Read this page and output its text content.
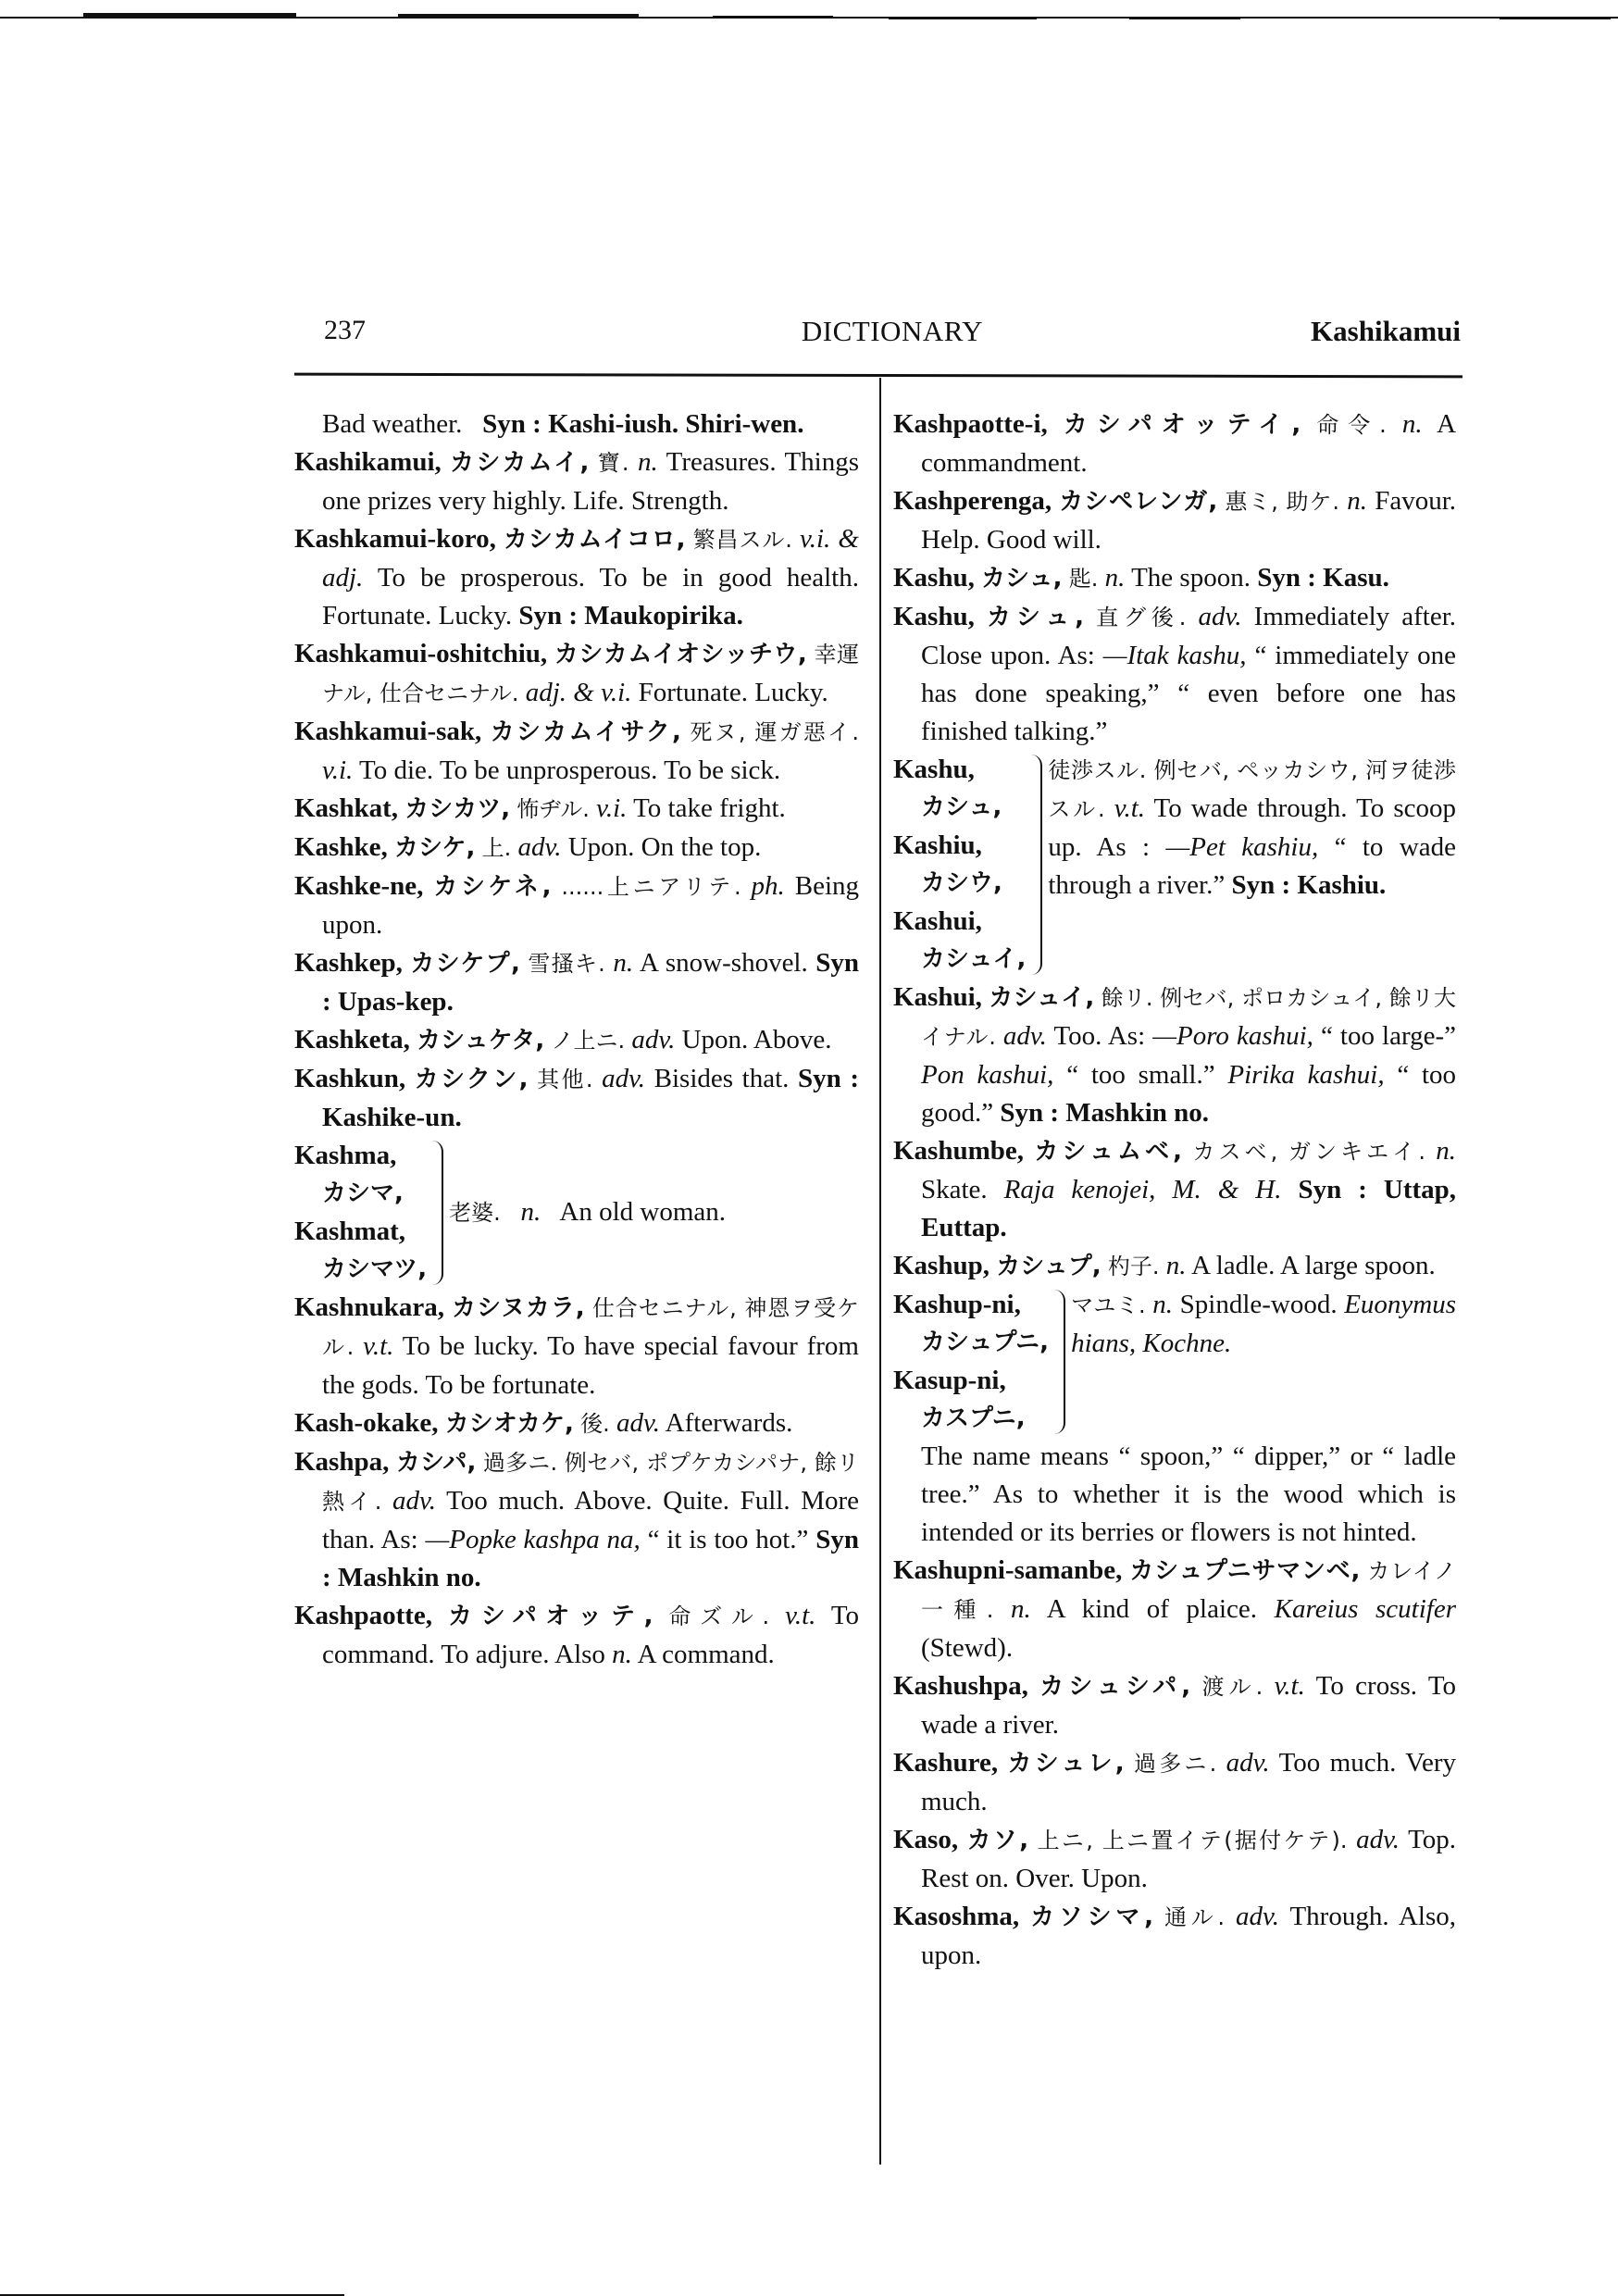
237	DICTIONARY	Kashikamui

Bad weather. Syn : Kashi-iush. Shiri-wen.

Kashikamui, カシカムイ, 寶. n. Treasures. Things one prizes very highly. Life. Strength.

Kashkamui-koro, カシカムイコロ, 繁昌スル. v.i. & adj. To be prosperous. To be in good health. Fortunate. Lucky. Syn : Maukopirika.

Kashkamui-oshitchiu, カシカムイオシッチウ, 幸運ナル, 仕合セニナル. adj. & v.i. Fortunate. Lucky.

Kashkamui-sak, カシカムイサク, 死ヌ, 運ガ惡イ. v.i. To die. To be unprosperous. To be sick.

Kashkat, カシカツ, 怖ヂル. v.i. To take fright.

Kashke, カシケ, 上. adv. Upon. On the top.

Kashke-ne, カシケネ, ......上ニアリテ. ph. Being upon.

Kashkep, カシケプ, 雪搔キ. n. A snow-shovel. Syn : Upas-kep.

Kashketa, カシュケタ, ノ上ニ. adv. Upon. Above.

Kashkun, カシクン, 其他. adv. Bisides that. Syn : Kashike-un.

Kashma,
カシマ,
Kashmat,
カシマツ,
老婆. n. An old woman.

Kashnukara, カシヌカラ, 仕合セニナル, 神恩ヲ受ケル. v.t. To be lucky. To have special favour from the gods. To be fortunate.

Kash-okake, カシオカケ, 後. adv. Afterwards.

Kashpa, カシパ, 過多ニ. 例セバ, ポプケカシパナ, 餘リ熱イ. adv. Too much. Above. Quite. Full. More than. As: —Popke kashpa na, “ it is too hot.” Syn : Mashkin no.

Kashpaotte, カシパオッテ, 命ズル. v.t. To command. To adjure. Also n. A command.

Kashpaotte-i, カシパオッテイ, 命令. n. A commandment.

Kashperenga, カシペレンガ, 惠ミ, 助ケ. n. Favour. Help. Good will.

Kashu, カシュ, 匙. n. The spoon. Syn : Kasu.

Kashu, カシュ, 直グ後. adv. Immediately after. Close upon. As: —Itak kashu, “ immediately one has done speaking,” “ even before one has finished talking.”

Kashu,
カシュ,
Kashiu,
カシウ,
Kashui,
カシュイ,
徒渉スル. 例セバ, ペッカシウ, 河ヲ徒渉スル. v.t. To wade through. To scoop up. As : —Pet kashiu, “ to wade through a river.” Syn : Kashiu.

Kashui, カシュイ, 餘リ. 例セバ, ポロカシュイ, 餘リ大イナル. adv. Too. As: —Poro kashui, “ too large-” Pon kashui, “ too small.” Pirika kashui, “ too good.” Syn : Mashkin no.

Kashumbe, カシュムベ, カスベ, ガンキエイ. n. Skate. Raja kenojei, M. & H. Syn : Uttap, Euttap.

Kashup, カシュプ, 杓子. n. A ladle. A large spoon.

Kashup-ni,
カシュプニ,
Kasup-ni,
カスプニ,
マユミ. n. Spindle-wood. Euonymus hians, Kochne.

The name means “ spoon,” “ dipper,” or “ ladle tree.” As to whether it is the wood which is intended or its berries or flowers is not hinted.

Kashupni-samanbe, カシュプニサマンベ, カレイノ一種. n. A kind of plaice. Kareius scutifer (Stewd).

Kashushpa, カシュシパ, 渡ル. v.t. To cross. To wade a river.

Kashure, カシュレ, 過多ニ. adv. Too much. Very much.

Kaso, カソ, 上ニ, 上ニ置イテ(据付ケテ). adv. Top. Rest on. Over. Upon.

Kasoshma, カソシマ, 通ル. adv. Through. Also, upon.
